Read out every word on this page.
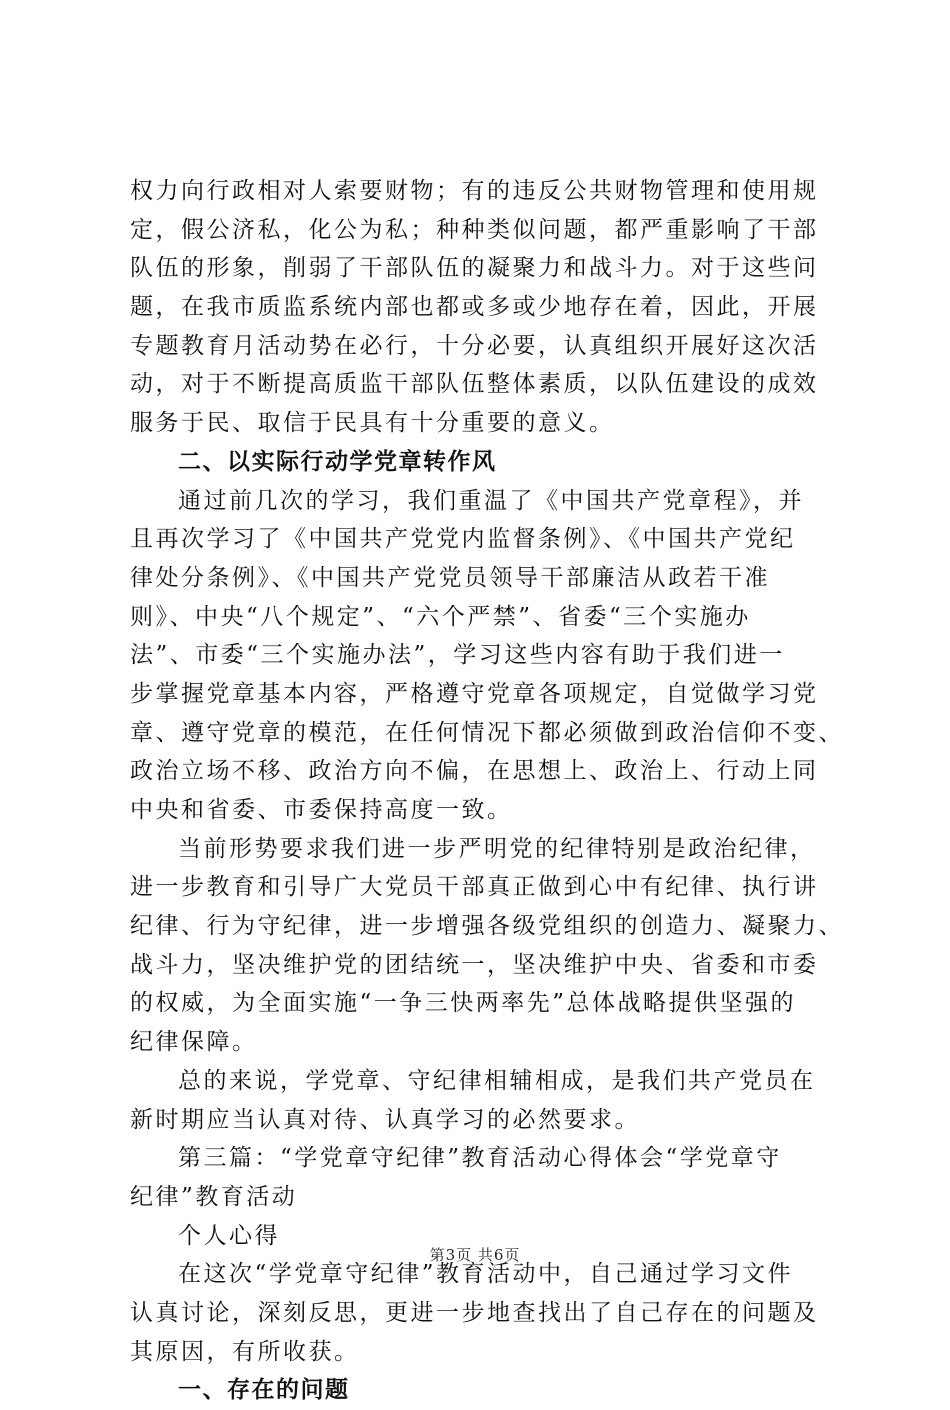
权力向行政相对人索要财物；有的违反公共财物管理和使用规
定，假公济私，化公为私；种种类似问题，都严重影响了干部
队伍的形象，削弱了干部队伍的凝聚力和战斗力。对于这些问
题，在我市质监系统内部也都或多或少地存在着，因此，开展
专题教育月活动势在必行，十分必要，认真组织开展好这次活
动，对于不断提高质监干部队伍整体素质，以队伍建设的成效
服务于民、取信于民具有十分重要的意义。
二、以实际行动学党章转作风
通过前几次的学习，我们重温了《中国共产党章程》，并
且再次学习了《中国共产党党内监督条例》、《中国共产党纪
律处分条例》、《中国共产党党员领导干部廉洁从政若干准
则》、中央“八个规定”、“六个严禁”、省委“三个实施办
法”、市委“三个实施办法”，学习这些内容有助于我们进一
步掌握党章基本内容，严格遵守党章各项规定，自觉做学习党
章、遵守党章的模范，在任何情况下都必须做到政治信仰不变、
政治立场不移、政治方向不偏，在思想上、政治上、行动上同
中央和省委、市委保持高度一致。
当前形势要求我们进一步严明党的纪律特别是政治纪律，
进一步教育和引导广大党员干部真正做到心中有纪律、执行讲
纪律、行为守纪律，进一步增强各级党组织的创造力、凝聚力、
战斗力，坚决维护党的团结统一，坚决维护中央、省委和市委
的权威，为全面实施“一争三快两率先”总体战略提供坚强的
纪律保障。
总的来说，学党章、守纪律相辅相成，是我们共产党员在
新时期应当认真对待、认真学习的必然要求。
第三篇：“学党章守纪律”教育活动心得体会“学党章守
纪律”教育活动
个人心得
在这次“学党章守纪律”教育活动中，自己通过学习文件
认真讨论，深刻反思，更进一步地查找出了自己存在的问题及
其原因，有所收获。
一、存在的问题
第3页 共6页
